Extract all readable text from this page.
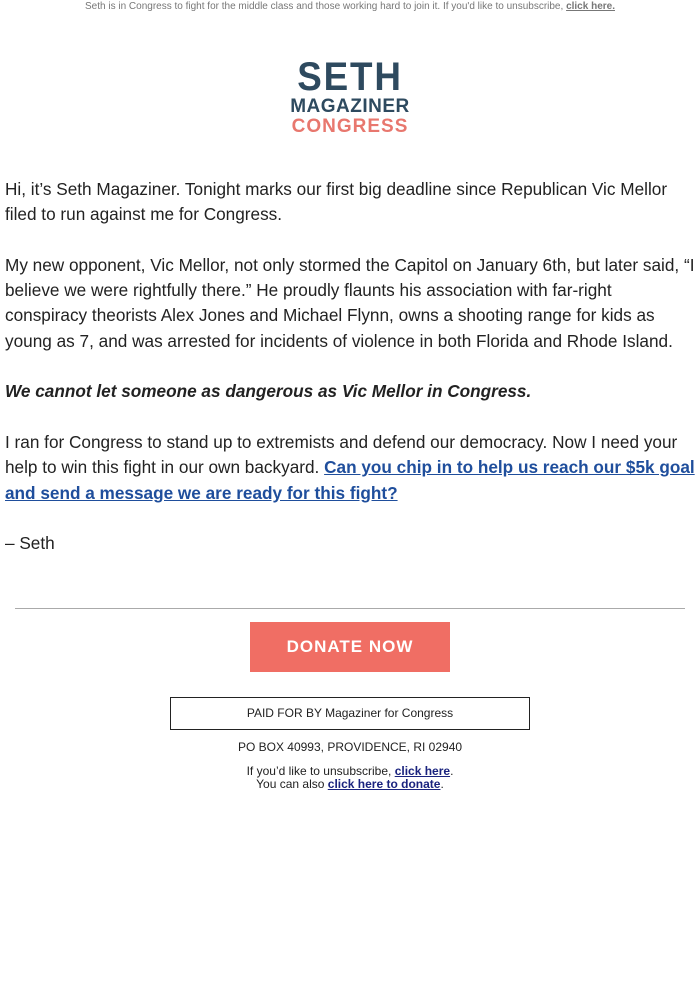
Seth is in Congress to fight for the middle class and those working hard to join it. If you'd like to unsubscribe, click here.
SETH
MAGAZINER
CONGRESS

Hi, it’s Seth Magaziner. Tonight marks our first big deadline since Republican Vic Mellor filed to run against me for Congress.

My new opponent, Vic Mellor, not only stormed the Capitol on January 6th, but later said, “I believe we were rightfully there.” He proudly flaunts his association with far-right conspiracy theorists Alex Jones and Michael Flynn, owns a shooting range for kids as young as 7, and was arrested for incidents of violence in both Florida and Rhode Island.

We cannot let someone as dangerous as Vic Mellor in Congress.

I ran for Congress to stand up to extremists and defend our democracy. Now I need your help to win this fight in our own backyard. Can you chip in to help us reach our $5k goal and send a message we are ready for this fight?

– Seth

DONATE NOW
PAID FOR BY Magaziner for Congress
PO BOX 40993, PROVIDENCE, RI 02940
If you’d like to unsubscribe, click here.
You can also click here to donate.
